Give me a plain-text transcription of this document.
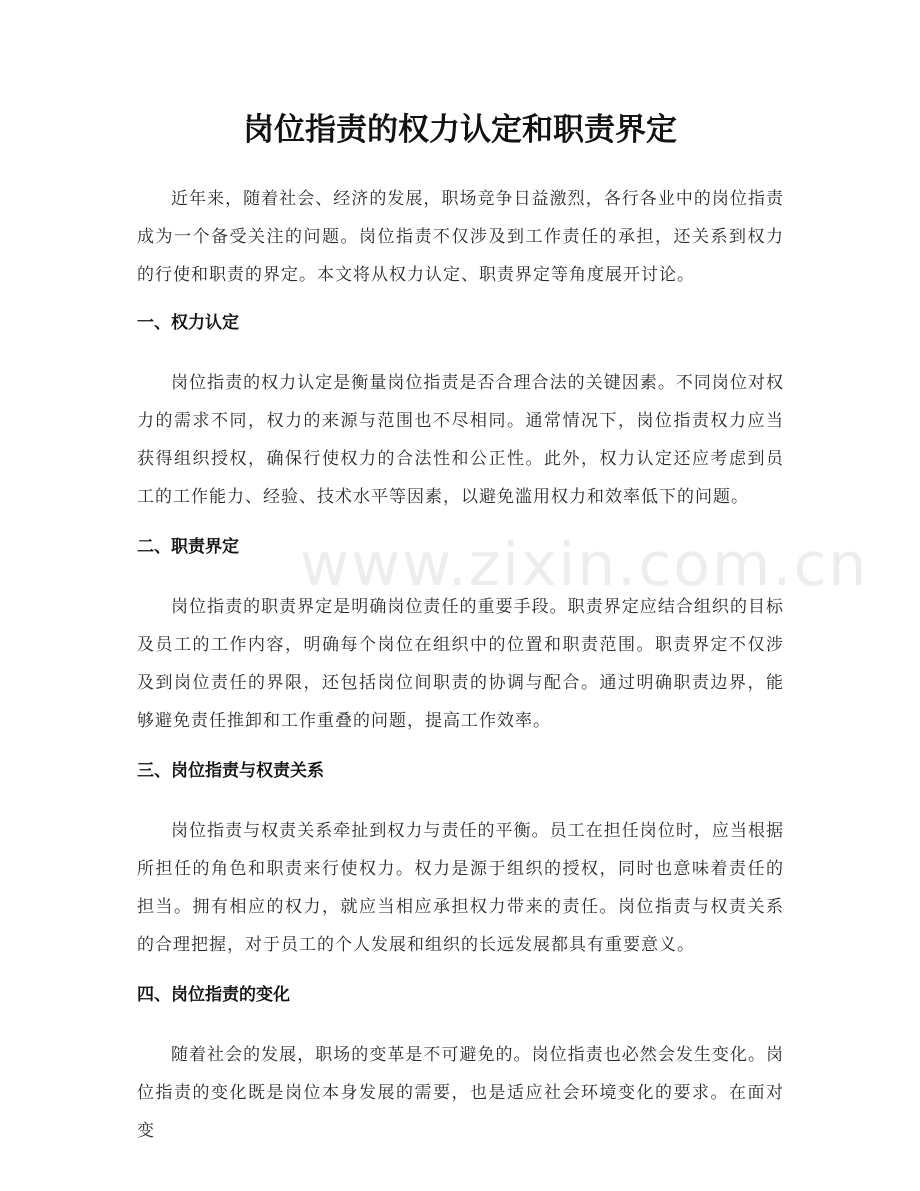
www.zixin.com.cn
岗位指责的权力认定和职责界定

近年来，随着社会、经济的发展，职场竞争日益激烈，各行各业中的岗位指责成为一个备受关注的问题。岗位指责不仅涉及到工作责任的承担，还关系到权力的行使和职责的界定。本文将从权力认定、职责界定等角度展开讨论。

一、权力认定

岗位指责的权力认定是衡量岗位指责是否合理合法的关键因素。不同岗位对权力的需求不同，权力的来源与范围也不尽相同。通常情况下，岗位指责权力应当获得组织授权，确保行使权力的合法性和公正性。此外，权力认定还应考虑到员工的工作能力、经验、技术水平等因素，以避免滥用权力和效率低下的问题。

二、职责界定

岗位指责的职责界定是明确岗位责任的重要手段。职责界定应结合组织的目标及员工的工作内容，明确每个岗位在组织中的位置和职责范围。职责界定不仅涉及到岗位责任的界限，还包括岗位间职责的协调与配合。通过明确职责边界，能够避免责任推卸和工作重叠的问题，提高工作效率。

三、岗位指责与权责关系

岗位指责与权责关系牵扯到权力与责任的平衡。员工在担任岗位时，应当根据所担任的角色和职责来行使权力。权力是源于组织的授权，同时也意味着责任的担当。拥有相应的权力，就应当相应承担权力带来的责任。岗位指责与权责关系的合理把握，对于员工的个人发展和组织的长远发展都具有重要意义。

四、岗位指责的变化

随着社会的发展，职场的变革是不可避免的。岗位指责也必然会发生变化。岗位指责的变化既是岗位本身发展的需要，也是适应社会环境变化的要求。在面对变
